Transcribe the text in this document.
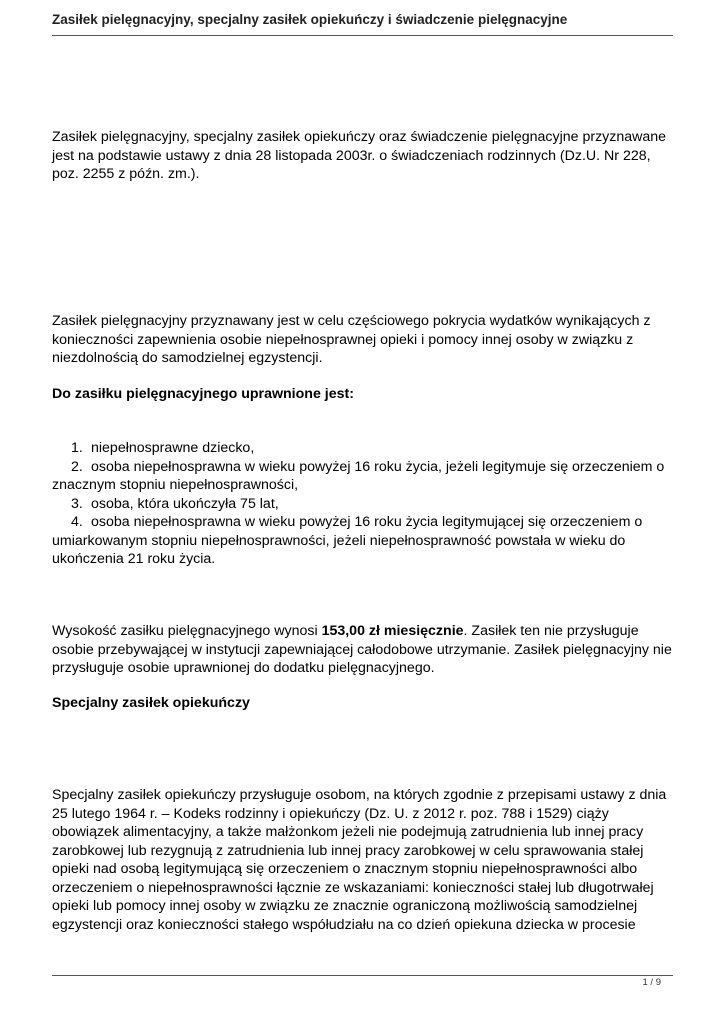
Zasiłek pielęgnacyjny, specjalny zasiłek opiekuńczy i świadczenie pielęgnacyjne

Zasiłek pielęgnacyjny, specjalny zasiłek opiekuńczy oraz świadczenie pielęgnacyjne przyznawane jest na podstawie ustawy z dnia 28 listopada 2003r. o świadczeniach rodzinnych (Dz.U. Nr 228, poz. 2255 z późn. zm.).

Zasiłek pielęgnacyjny przyznawany jest w celu częściowego pokrycia wydatków wynikających z konieczności zapewnienia osobie niepełnosprawnej opieki i pomocy innej osoby w związku z niezdolnością do samodzielnej egzystencji.

Do zasiłku pielęgnacyjnego uprawnione jest:

1. niepełnosprawne dziecko,
2. osoba niepełnosprawna w wieku powyżej 16 roku życia, jeżeli legitymuje się orzeczeniem o znacznym stopniu niepełnosprawności,
3. osoba, która ukończyła 75 lat,
4. osoba niepełnosprawna w wieku powyżej 16 roku życia legitymującej się orzeczeniem o umiarkowanym stopniu niepełnosprawności, jeżeli niepełnosprawność powstała w wieku do ukończenia 21 roku życia.

Wysokość zasiłku pielęgnacyjnego wynosi 153,00 zł miesięcznie. Zasiłek ten nie przysługuje osobie przebywającej w instytucji zapewniającej całodobowe utrzymanie. Zasiłek pielęgnacyjny nie przysługuje osobie uprawnionej do dodatku pielęgnacyjnego.

Specjalny zasiłek opiekuńczy

Specjalny zasiłek opiekuńczy przysługuje osobom, na których zgodnie z przepisami ustawy z dnia 25 lutego 1964 r. – Kodeks rodzinny i opiekuńczy (Dz. U. z 2012 r. poz. 788 i 1529) ciąży obowiązek alimentacyjny, a także małżonkom jeżeli nie podejmują zatrudnienia lub innej pracy zarobkowej lub rezygnują z zatrudnienia lub innej pracy zarobkowej w celu sprawowania stałej opieki nad osobą legitymującą się orzeczeniem o znacznym stopniu niepełnosprawności albo orzeczeniem o niepełnosprawności łącznie ze wskazaniami: konieczności stałej lub długotrwałej opieki lub pomocy innej osoby w związku ze znacznie ograniczoną możliwością samodzielnej egzystencji oraz konieczności stałego współudziału na co dzień opiekuna dziecka w procesie

1 / 9
